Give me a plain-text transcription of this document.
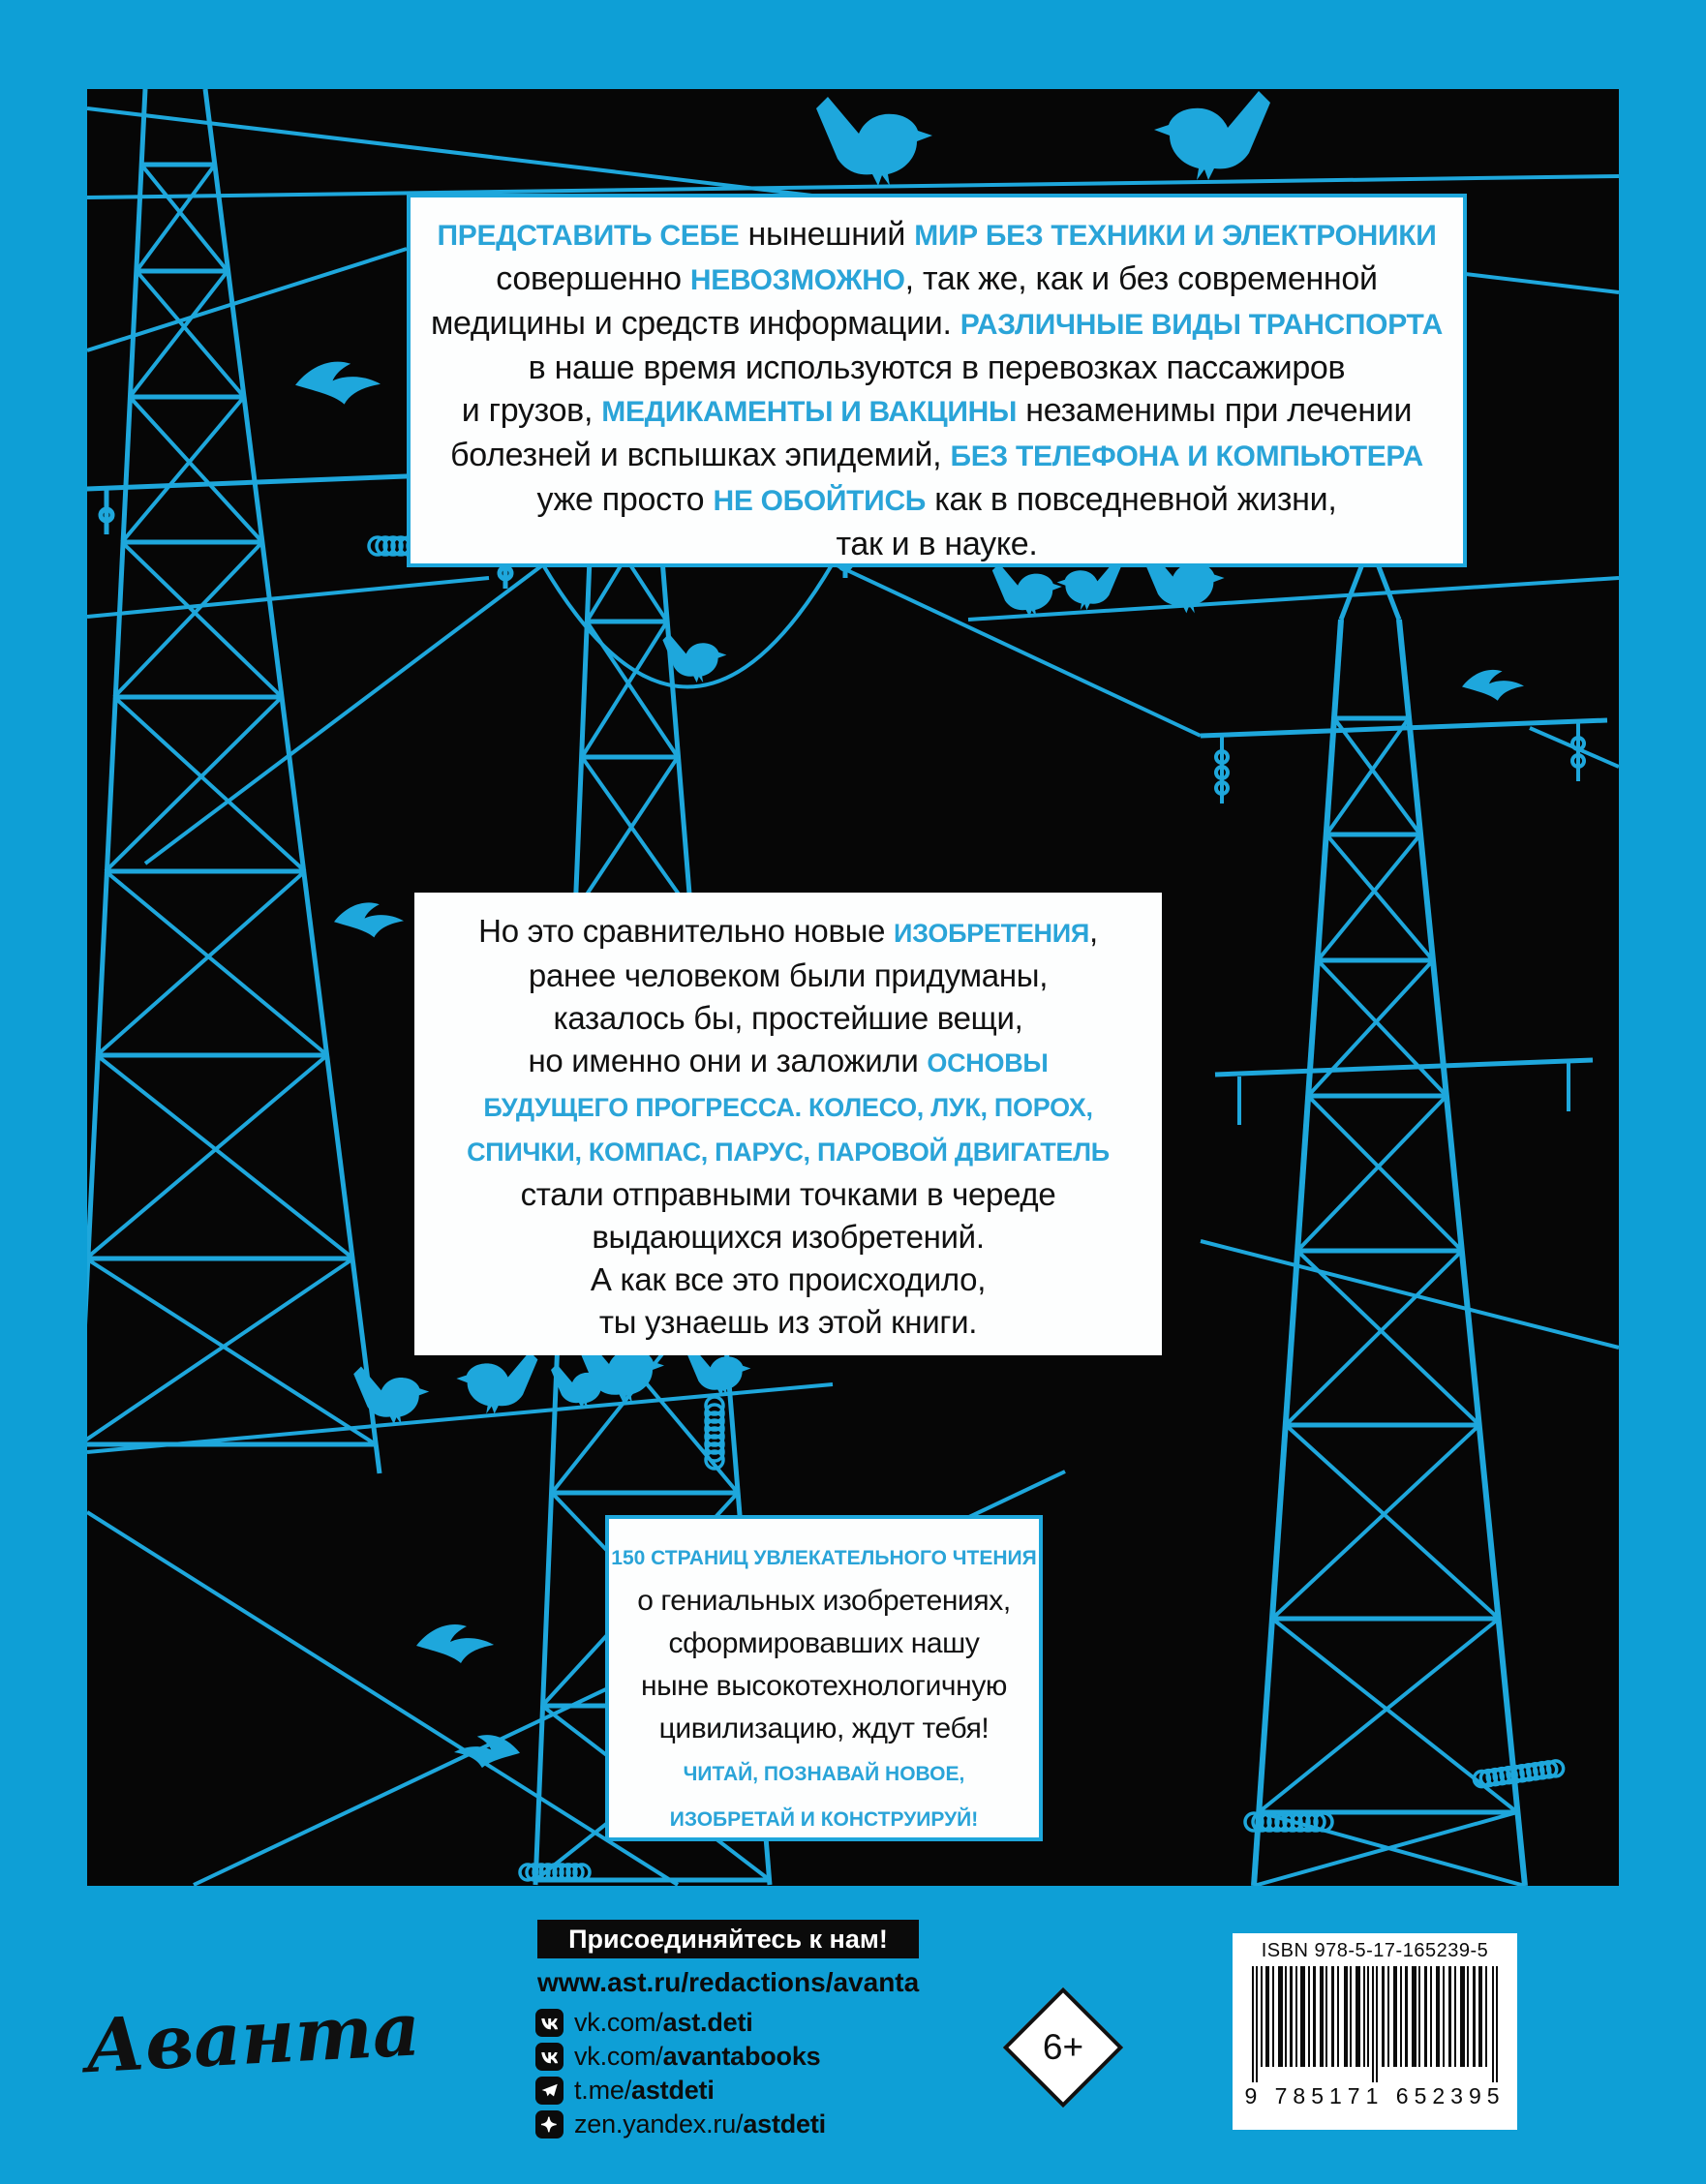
ПРЕДСТАВИТЬ СЕБЕ нынешний МИР БЕЗ ТЕХНИКИ И ЭЛЕКТРОНИКИ
совершенно НЕВОЗМОЖНО, так же, как и без современной
медицины и средств информации. РАЗЛИЧНЫЕ ВИДЫ ТРАНСПОРТА
в наше время используются в перевозках пассажиров
и грузов, МЕДИКАМЕНТЫ И ВАКЦИНЫ незаменимы при лечении
болезней и вспышках эпидемий, БЕЗ ТЕЛЕФОНА И КОМПЬЮТЕРА
уже просто НЕ ОБОЙТИСЬ как в повседневной жизни,
так и в науке.
Но это сравнительно новые ИЗОБРЕТЕНИЯ,
ранее человеком были придуманы,
казалось бы, простейшие вещи,
но именно они и заложили ОСНОВЫ
БУДУЩЕГО ПРОГРЕССА. КОЛЕСО, ЛУК, ПОРОХ,
СПИЧКИ, КОМПАС, ПАРУС, ПАРОВОЙ ДВИГАТЕЛЬ
стали отправными точками в череде
выдающихся изобретений.
А как все это происходило,
ты узнаешь из этой книги.
150 СТРАНИЦ УВЛЕКАТЕЛЬНОГО ЧТЕНИЯ
о гениальных изобретениях,
сформировавших нашу
ныне высокотехнологичную
цивилизацию, ждут тебя!
ЧИТАЙ, ПОЗНАВАЙ НОВОЕ,
ИЗОБРЕТАЙ И КОНСТРУИРУЙ!
Аванта
Присоединяйтесь к нам!
www.ast.ru/redactions/avanta
vk.com/ast.deti
vk.com/avantabooks
t.me/astdeti
zen.yandex.ru/astdeti
6+
ISBN 978-5-17-165239-5
9 785171 652395
